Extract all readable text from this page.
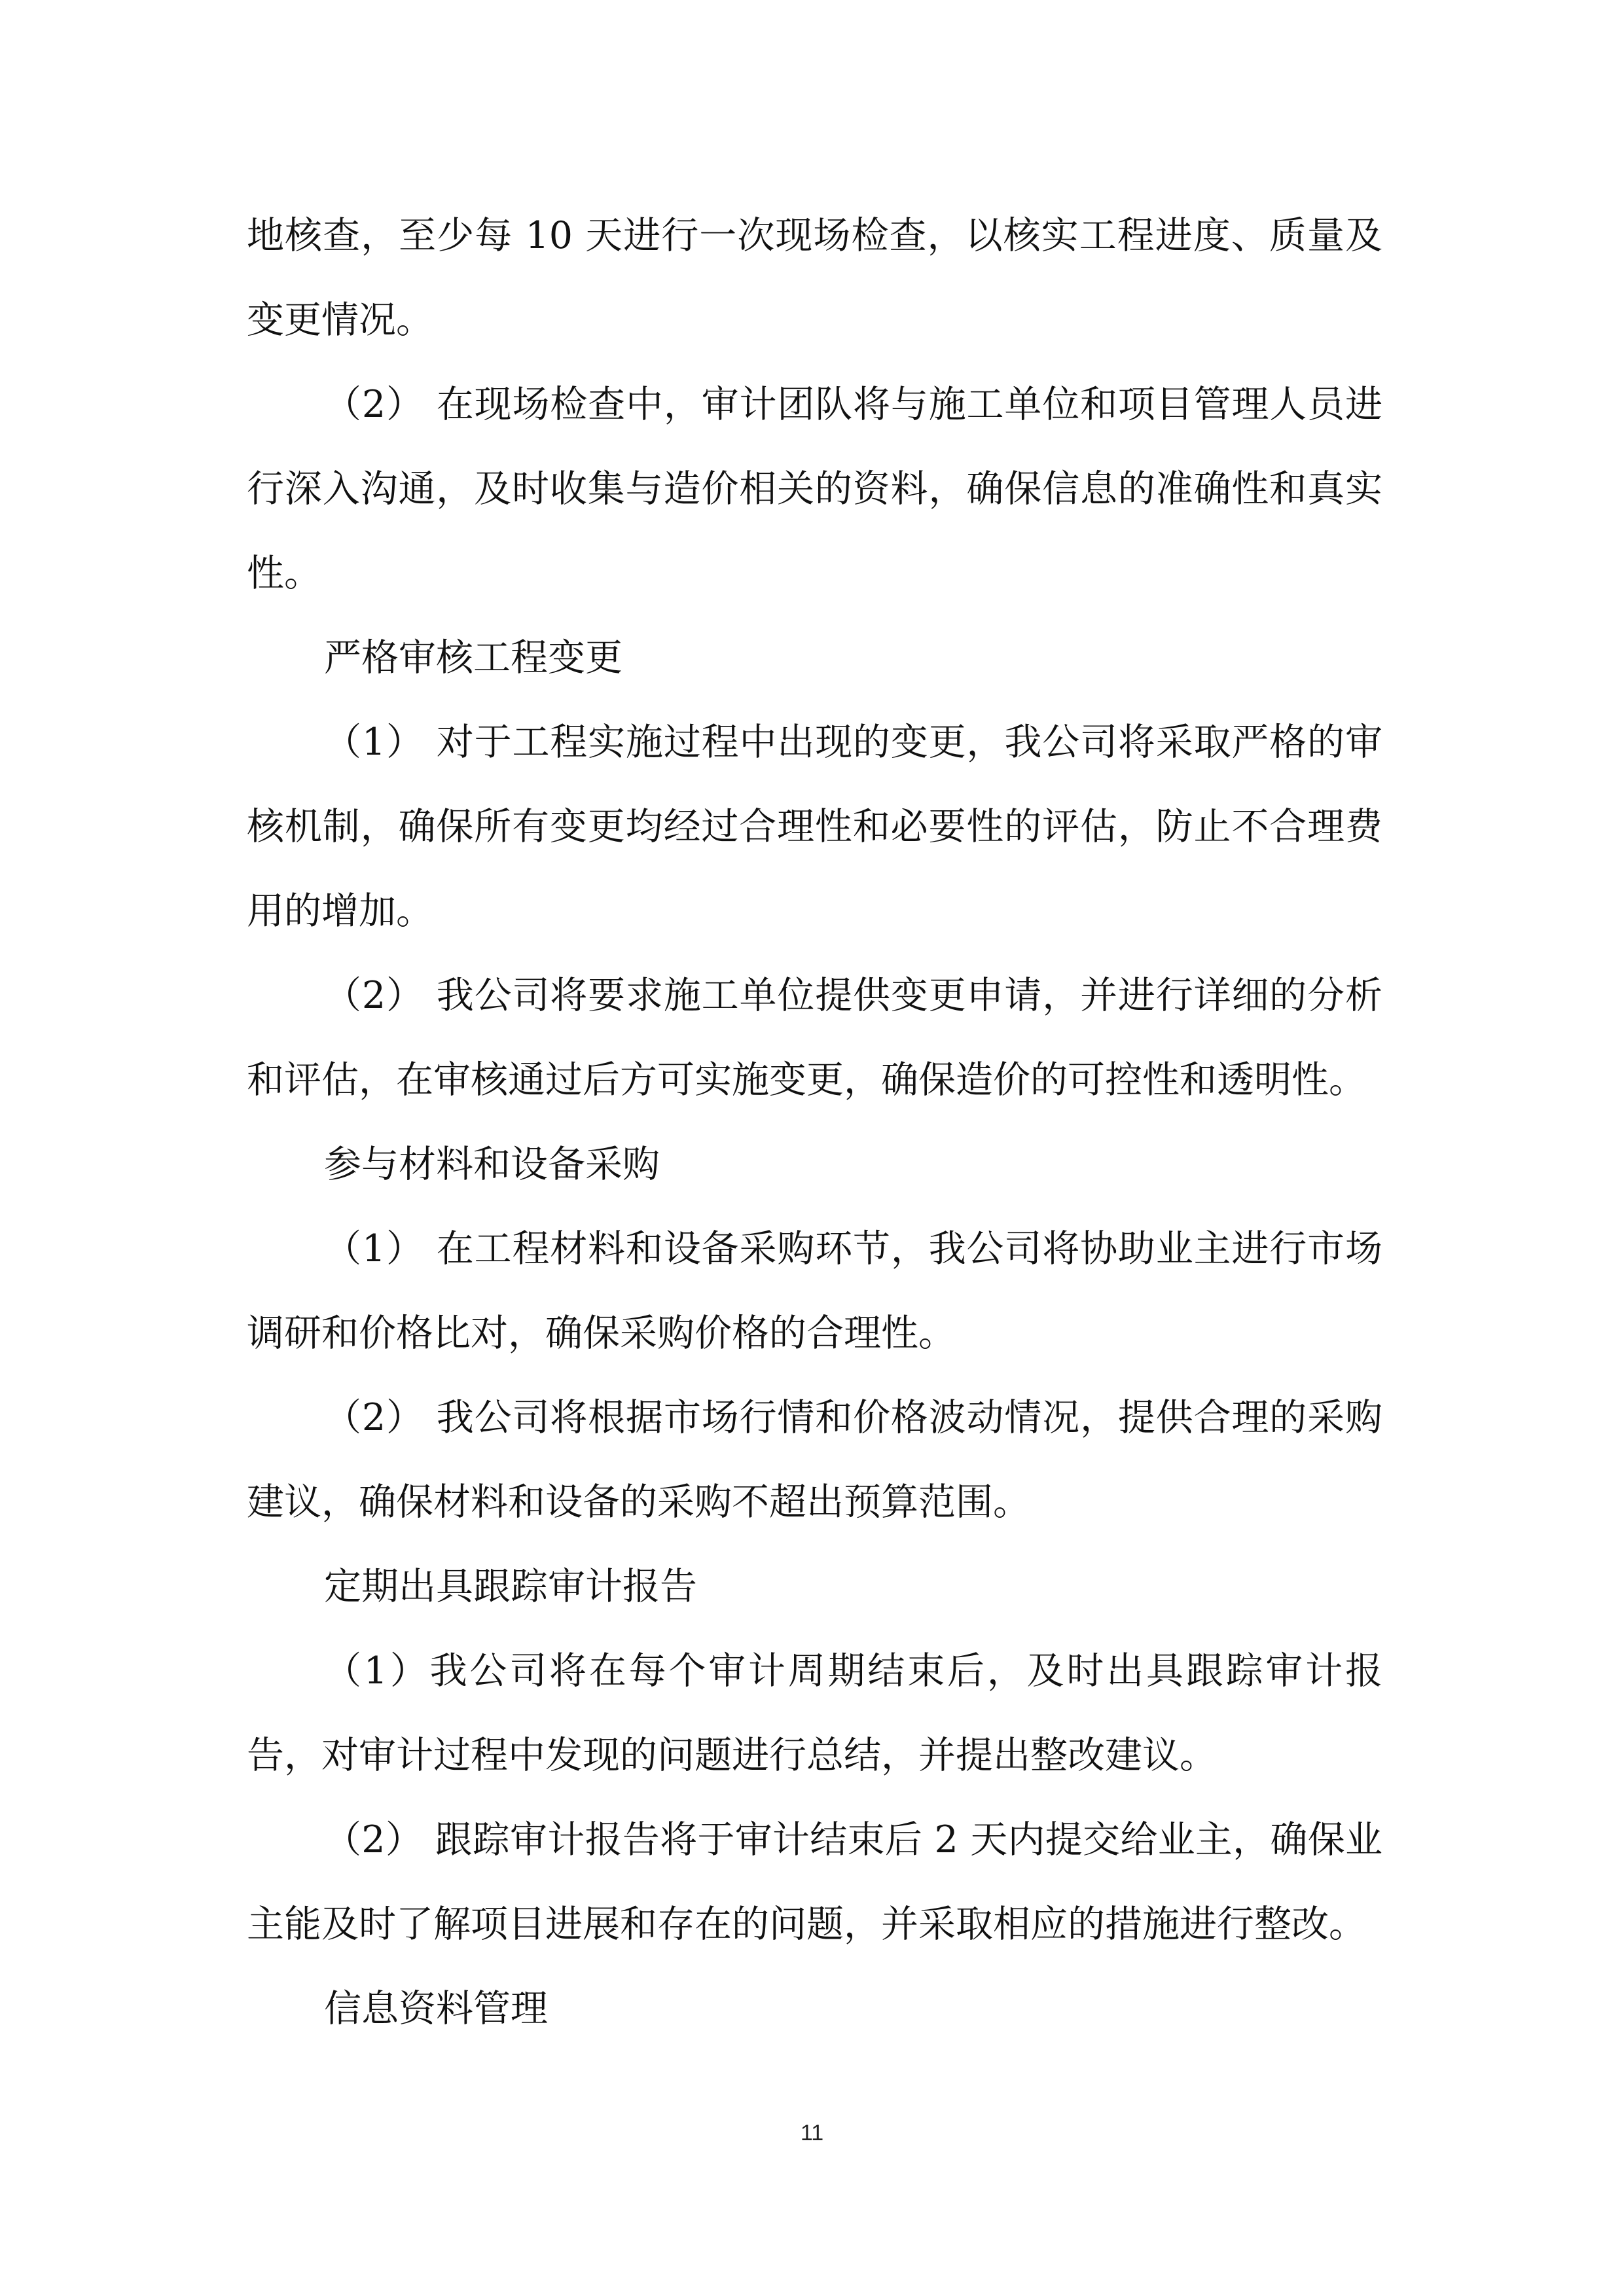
地核查，至少每 10 天进行一次现场检查，以核实工程进度、质量及变更情况。

（2） 在现场检查中，审计团队将与施工单位和项目管理人员进行深入沟通，及时收集与造价相关的资料，确保信息的准确性和真实性。

严格审核工程变更

（1） 对于工程实施过程中出现的变更，我公司将采取严格的审核机制，确保所有变更均经过合理性和必要性的评估，防止不合理费用的增加。

（2） 我公司将要求施工单位提供变更申请，并进行详细的分析和评估，在审核通过后方可实施变更，确保造价的可控性和透明性。

参与材料和设备采购

（1） 在工程材料和设备采购环节，我公司将协助业主进行市场调研和价格比对，确保采购价格的合理性。

（2） 我公司将根据市场行情和价格波动情况，提供合理的采购建议，确保材料和设备的采购不超出预算范围。

定期出具跟踪审计报告

（1）我公司将在每个审计周期结束后，及时出具跟踪审计报告，对审计过程中发现的问题进行总结，并提出整改建议。

（2） 跟踪审计报告将于审计结束后 2 天内提交给业主，确保业主能及时了解项目进展和存在的问题，并采取相应的措施进行整改。

信息资料管理

11
